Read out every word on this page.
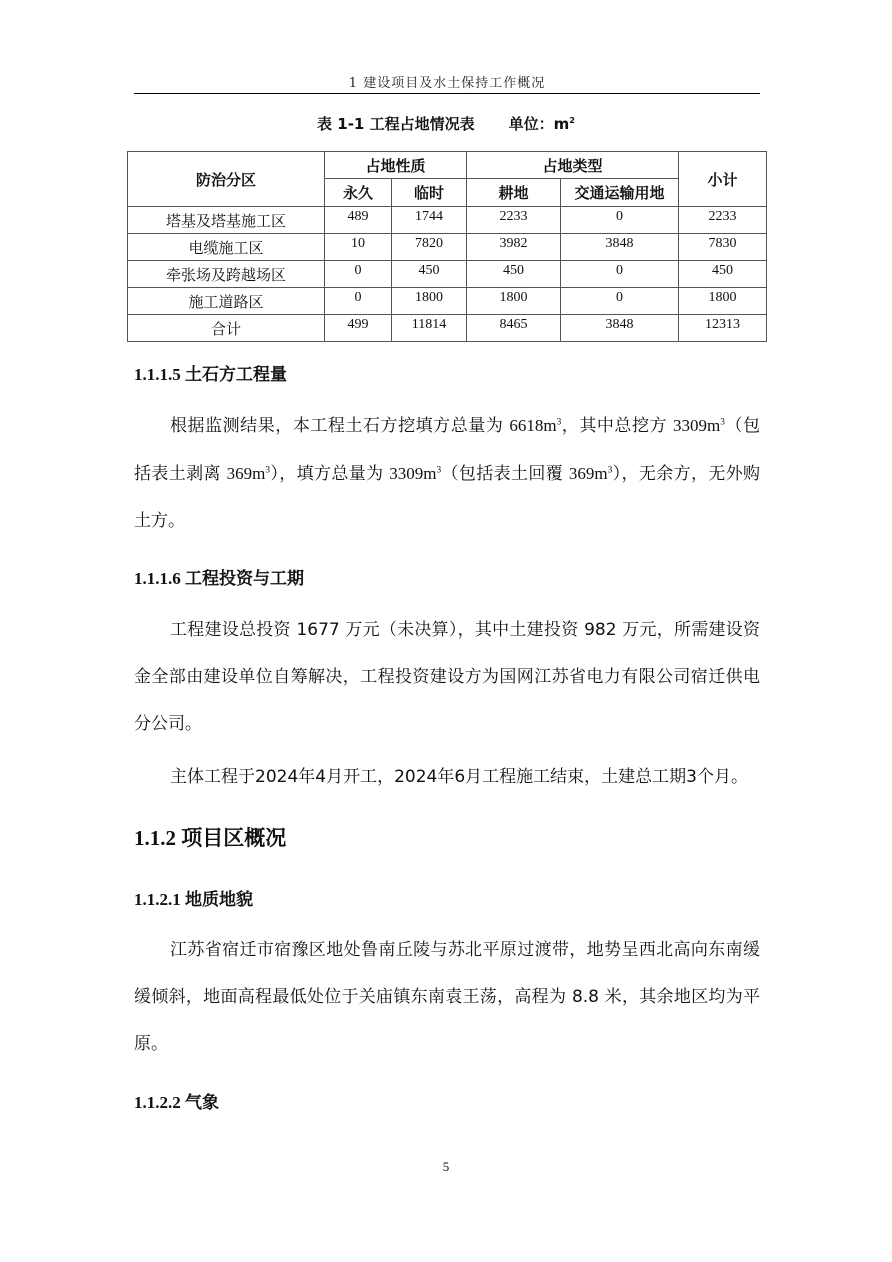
1 建设项目及水土保持工作概况
表 1-1 工程占地情况表 单位：$m^2$
防治分区	占地性质		占地类型		小计
	永久	临时	耕地	交通运输用地	
塔基及塔基施工区	489	1744	2233	0	2233
电缆施工区	10	7820	3982	3848	7830
牵张场及跨越场区	0	450	450	0	450
施工道路区	0	1800	1800	0	1800
合计	499	11814	8465	3848	12313
1.1.1.5 土石方工程量
根据监测结果，本工程土石方挖填方总量为 $6618m^3$，其中总挖方 $3309m^3$（包括表土剥离 $369m^3$），填方总量为 $3309m^3$（包括表土回覆 $369m^3$），无余方，无外购土方。
1.1.1.6 工程投资与工期
工程建设总投资 1677 万元（未决算），其中土建投资 982 万元，所需建设资金全部由建设单位自筹解决，工程投资建设方为国网江苏省电力有限公司宿迁供电分公司。
主体工程于2024年4月开工，2024年6月工程施工结束，土建总工期3个月。
1.1.2 项目区概况
1.1.2.1 地质地貌
江苏省宿迁市宿豫区地处鲁南丘陵与苏北平原过渡带，地势呈西北高向东南缓缓倾斜，地面高程最低处位于关庙镇东南袁王荡，高程为 8.8 米，其余地区均为平原。
1.1.2.2 气象
5
